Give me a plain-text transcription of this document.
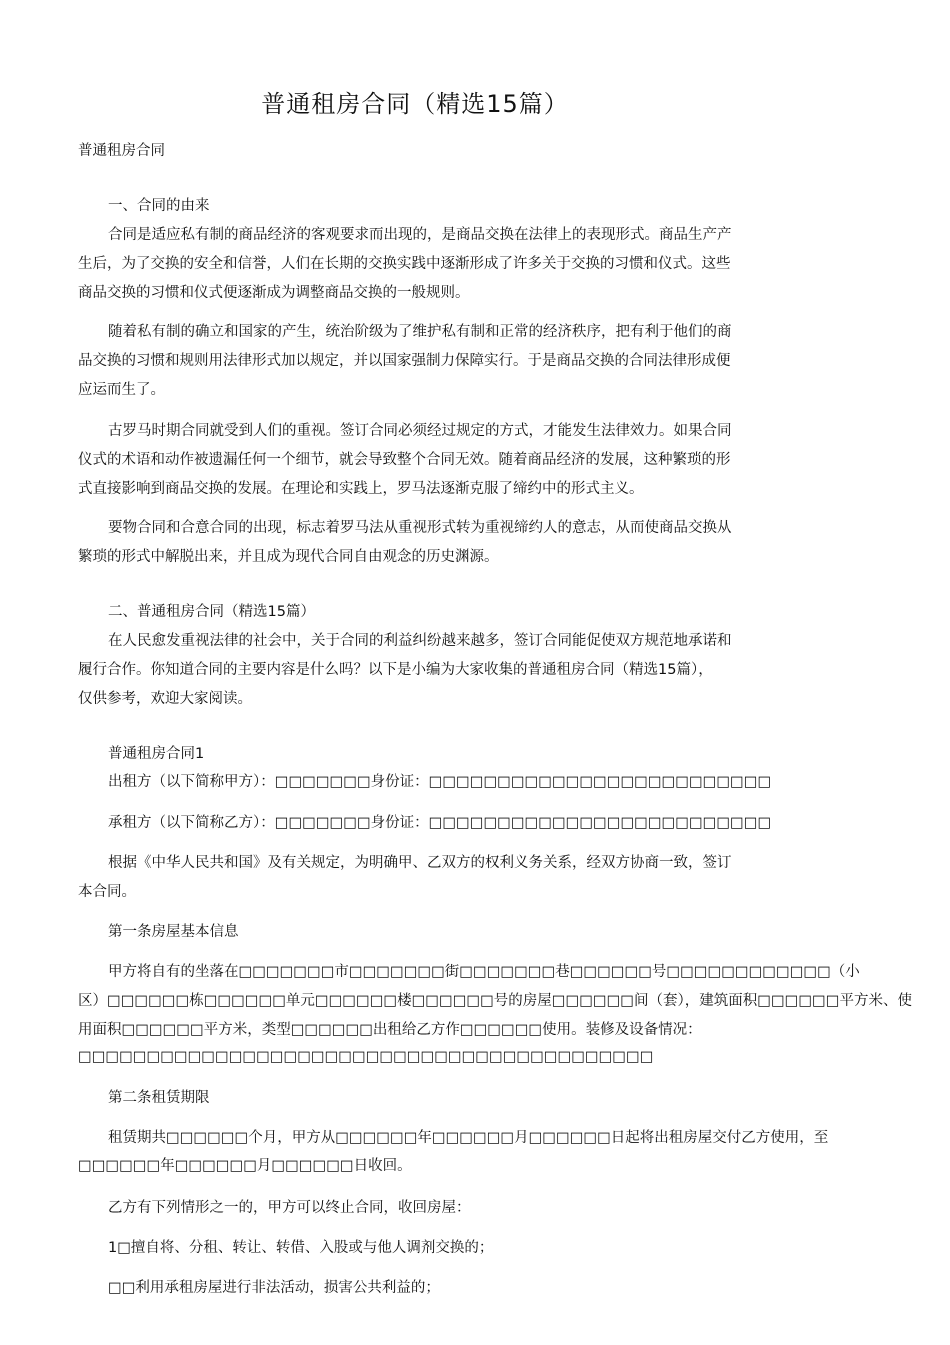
普通租房合同（精选15篇）
普通租房合同
一、合同的由来
合同是适应私有制的商品经济的客观要求而出现的，是商品交换在法律上的表现形式。商品生产产
生后，为了交换的安全和信誉，人们在长期的交换实践中逐渐形成了许多关于交换的习惯和仪式。这些
商品交换的习惯和仪式便逐渐成为调整商品交换的一般规则。
随着私有制的确立和国家的产生，统治阶级为了维护私有制和正常的经济秩序，把有利于他们的商
品交换的习惯和规则用法律形式加以规定，并以国家强制力保障实行。于是商品交换的合同法律形成便
应运而生了。
古罗马时期合同就受到人们的重视。签订合同必须经过规定的方式，才能发生法律效力。如果合同
仪式的术语和动作被遗漏任何一个细节，就会导致整个合同无效。随着商品经济的发展，这种繁琐的形
式直接影响到商品交换的发展。在理论和实践上，罗马法逐渐克服了缔约中的形式主义。
要物合同和合意合同的出现，标志着罗马法从重视形式转为重视缔约人的意志，从而使商品交换从
繁琐的形式中解脱出来，并且成为现代合同自由观念的历史渊源。
二、普通租房合同（精选15篇）
在人民愈发重视法律的社会中，关于合同的利益纠纷越来越多，签订合同能促使双方规范地承诺和
履行合作。你知道合同的主要内容是什么吗？以下是小编为大家收集的普通租房合同（精选15篇），
仅供参考，欢迎大家阅读。
普通租房合同1
出租方（以下简称甲方）：□□□□□□□身份证：□□□□□□□□□□□□□□□□□□□□□□□□□
承租方（以下简称乙方）：□□□□□□□身份证：□□□□□□□□□□□□□□□□□□□□□□□□□
根据《中华人民共和国》及有关规定，为明确甲、乙双方的权利义务关系，经双方协商一致，签订
本合同。
第一条房屋基本信息
甲方将自有的坐落在□□□□□□□市□□□□□□□街□□□□□□□巷□□□□□□号□□□□□□□□□□□□（小
区）□□□□□□栋□□□□□□单元□□□□□□楼□□□□□□号的房屋□□□□□□间（套），建筑面积□□□□□□平方米、使
用面积□□□□□□平方米，类型□□□□□□出租给乙方作□□□□□□使用。装修及设备情况：
□□□□□□□□□□□□□□□□□□□□□□□□□□□□□□□□□□□□□□□□□□
第二条租赁期限
租赁期共□□□□□□个月，甲方从□□□□□□年□□□□□□月□□□□□□日起将出租房屋交付乙方使用，至
□□□□□□年□□□□□□月□□□□□□日收回。
乙方有下列情形之一的，甲方可以终止合同，收回房屋：
1□擅自将、分租、转让、转借、入股或与他人调剂交换的；
□□利用承租房屋进行非法活动，损害公共利益的；
